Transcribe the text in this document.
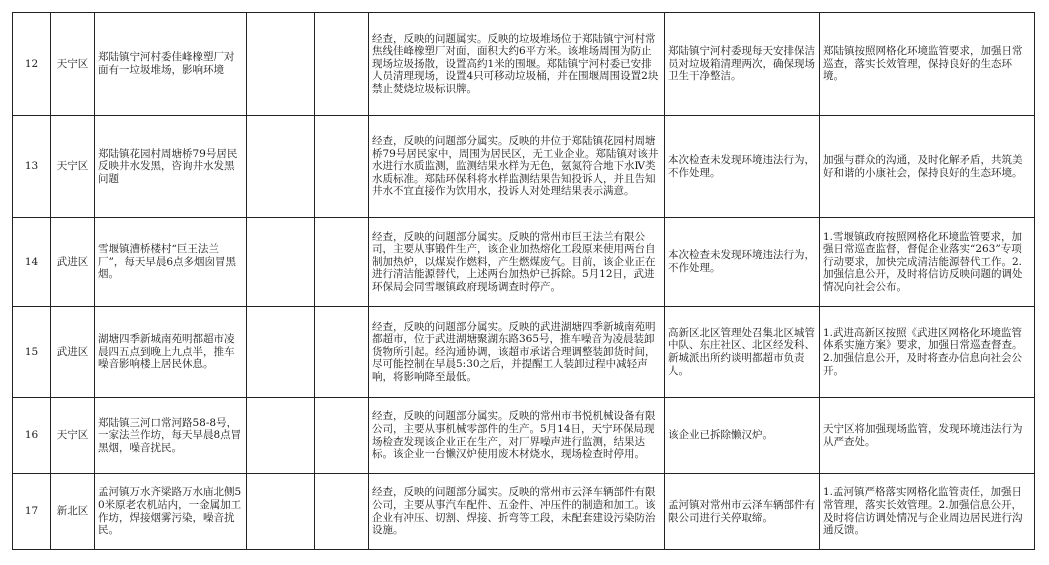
12	天宁区	郑陆镇宁河村委佳峰橡塑厂对面有一垃圾堆场，影响环境			经查，反映的问题属实。反映的垃圾堆场位于郑陆镇宁河村常焦线佳峰橡塑厂对面，面积大约6平方米。该堆场周围为防止现场垃圾扬散，设置高约1米的围堰。郑陆镇宁河村委已安排人员清理现场，设置4只可移动垃圾桶，并在围堰周围设置2块禁止焚烧垃圾标识牌。	郑陆镇宁河村委现每天安排保洁员对垃圾箱清理两次，确保现场卫生干净整洁。	郑陆镇按照网格化环境监管要求，加强日常巡查，落实长效管理，保持良好的生态环境。
13	天宁区	郑陆镇花园村周塘桥79号居民反映井水发黑，咨询井水发黑问题			经查，反映的问题部分属实。反映的井位于郑陆镇花园村周塘桥79号居民家中，周围为居民区，无工业企业。郑陆镇对该井水进行水质监测，监测结果水样为无色，氨氮符合地下水Ⅳ类水质标准。郑陆环保科将水样监测结果告知投诉人，并且告知井水不宜直接作为饮用水，投诉人对处理结果表示满意。	本次检查未发现环境违法行为，不作处理。	加强与群众的沟通，及时化解矛盾，共筑美好和谐的小康社会，保持良好的生态环境。
14	武进区	雪堰镇漕桥楼村“巨王法兰厂”，每天早晨6点多烟囱冒黑烟。			经查，反映的问题部分属实。反映的常州市巨王法兰有限公司，主要从事锻件生产，该企业加热熔化工段原来使用两台自制加热炉，以煤炭作燃料，产生燃煤废气。目前，该企业正在进行清洁能源替代，上述两台加热炉已拆除。5月12日，武进环保局会同雪堰镇政府现场调查时停产。	本次检查未发现环境违法行为，不作处理。	1.雪堰镇政府按照网格化环境监管要求，加强日常巡查监督，督促企业落实“263”专项行动要求，加快完成清洁能源替代工作。2.加强信息公开，及时将信访反映问题的调处情况向社会公布。
15	武进区	湖塘四季新城南苑明都超市凌晨四五点到晚上九点半，推车噪音影响楼上居民休息。			经查，反映的问题部分属实。反映的武进湖塘四季新城南苑明都超市，位于武进湖塘聚湖东路365号，推车噪音为凌晨装卸货物所引起。经沟通协调，该超市承诺合理调整装卸货时间，尽可能控制在早晨5:30之后，并提醒工人装卸过程中减轻声响，将影响降至最低。	高新区北区管理处召集北区城管中队、东庄社区、北区经发科、新城派出所约谈明都超市负责人。	1.武进高新区按照《武进区网格化环境监管体系实施方案》要求，加强日常巡查督查。2.加强信息公开，及时将查办信息向社会公开。
16	天宁区	郑陆镇三河口常河路58-8号，一家法兰作坊，每天早晨8点冒黑烟，噪音扰民。			经查，反映的问题部分属实。反映的常州市书悦机械设备有限公司，主要从事机械零部件的生产。5月14日，天宁环保局现场检查发现该企业正在生产，对厂界噪声进行监测，结果达标。该企业一台懒汉炉使用废木材烧水，现场检查时停用。	该企业已拆除懒汉炉。	天宁区将加强现场监管，发现环境违法行为从严查处。
17	新北区	孟河镇万水齐梁路万水庙北侧50米原老农机站内，一金属加工作坊，焊接烟雾污染，噪音扰民。			经查，反映的问题部分属实。反映的常州市云泽车辆部件有限公司，主要从事汽车配件、五金件、冲压件的制造和加工。该企业有冲压、切割、焊接、折弯等工段，未配套建设污染防治设施。	孟河镇对常州市云泽车辆部件有限公司进行关停取缔。	1.孟河镇严格落实网格化监管责任，加强日常管理，落实长效管理。2.加强信息公开，及时将信访调处情况与企业周边居民进行沟通反馈。
